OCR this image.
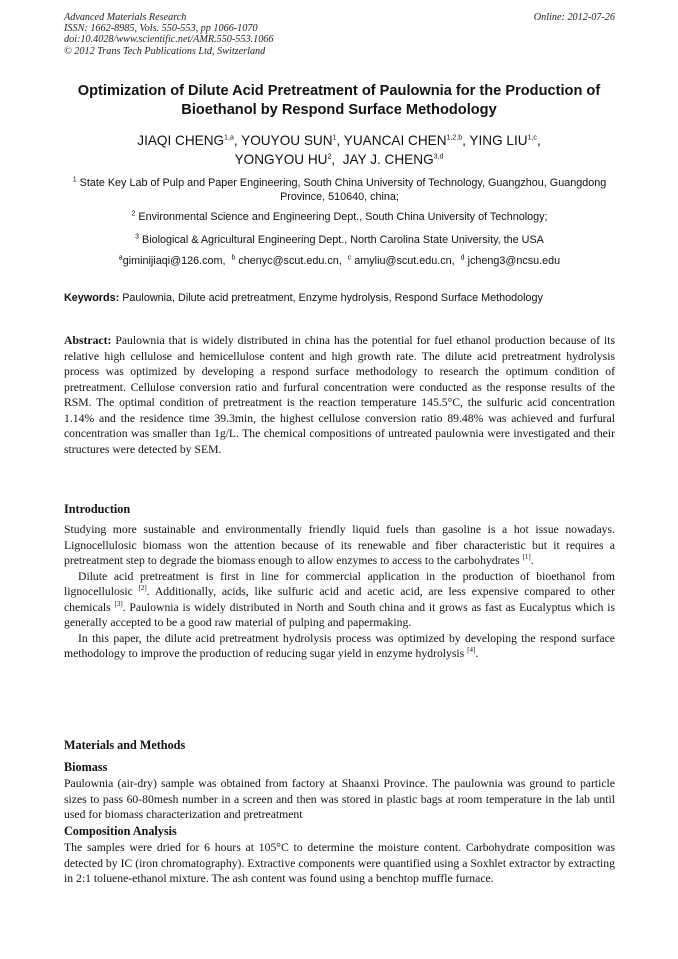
Advanced Materials Research
ISSN: 1662-8985, Vols. 550-553, pp 1066-1070
doi:10.4028/www.scientific.net/AMR.550-553.1066
© 2012 Trans Tech Publications Ltd, Switzerland
Online: 2012-07-26
Optimization of Dilute Acid Pretreatment of Paulownia for the Production of Bioethanol by Respond Surface Methodology
JIAQI CHENG$^{1,a}$, YOUYOU SUN$^1$, YUANCAI CHEN$^{1,2,b}$, YING LIU$^{1,c}$,
YONGYOU $HU^2$,  JAY J. CHENG$^{3,d}$
$^1$ State Key Lab of Pulp and Paper Engineering, South China University of Technology, Guangzhou, Guangdong Province, 510640, china;
$^2$ Environmental Science and Engineering Dept., South China University of Technology;
$^3$ Biological & Agricultural Engineering Dept., North Carolina State University, the USA
$^a$giminijiaqi@126.com, $^b$ chenyc@scut.edu.cn, $^c$ amyliu@scut.edu.cn, $^d$ jcheng3@ncsu.edu
Keywords: Paulownia, Dilute acid pretreatment, Enzyme hydrolysis, Respond Surface Methodology

Abstract: Paulownia that is widely distributed in china has the potential for fuel ethanol production because of its relative high cellulose and hemicellulose content and high growth rate. The dilute acid pretreatment hydrolysis process was optimized by developing a respond surface methodology to research the optimum condition of pretreatment. Cellulose conversion ratio and furfural concentration were conducted as the response results of the RSM. The optimal condition of pretreatment is the reaction temperature 145.5°C, the sulfuric acid concentration 1.14% and the residence time 39.3min, the highest cellulose conversion ratio 89.48% was achieved and furfural concentration was smaller than 1g/L. The chemical compositions of untreated paulownia were investigated and their structures were detected by SEM.

Introduction

Studying more sustainable and environmentally friendly liquid fuels than gasoline is a hot issue nowadays. Lignocellulosic biomass won the attention because of its renewable and fiber characteristic but it requires a pretreatment step to degrade the biomass enough to allow enzymes to access to the carbohydrates [1].

Dilute acid pretreatment is first in line for commercial application in the production of bioethanol from lignocellulosic [2]. Additionally, acids, like sulfuric acid and acetic acid, are less expensive compared to other chemicals [3]. Paulownia is widely distributed in North and South china and it grows as fast as Eucalyptus which is generally accepted to be a good raw material of pulping and papermaking.

In this paper, the dilute acid pretreatment hydrolysis process was optimized by developing the respond surface methodology to improve the production of reducing sugar yield in enzyme hydrolysis [4].

Materials and Methods
Biomass

Paulownia (air-dry) sample was obtained from factory at Shaanxi Province. The paulownia was ground to particle sizes to pass 60-80mesh number in a screen and then was stored in plastic bags at room temperature in the lab until used for biomass characterization and pretreatment

Composition Analysis

The samples were dried for 6 hours at 105°C to determine the moisture content. Carbohydrate composition was detected by IC (iron chromatography). Extractive components were quantified using a Soxhlet extractor by extracting in 2:1 toluene-ethanol mixture. The ash content was found using a benchtop muffle furnace.
